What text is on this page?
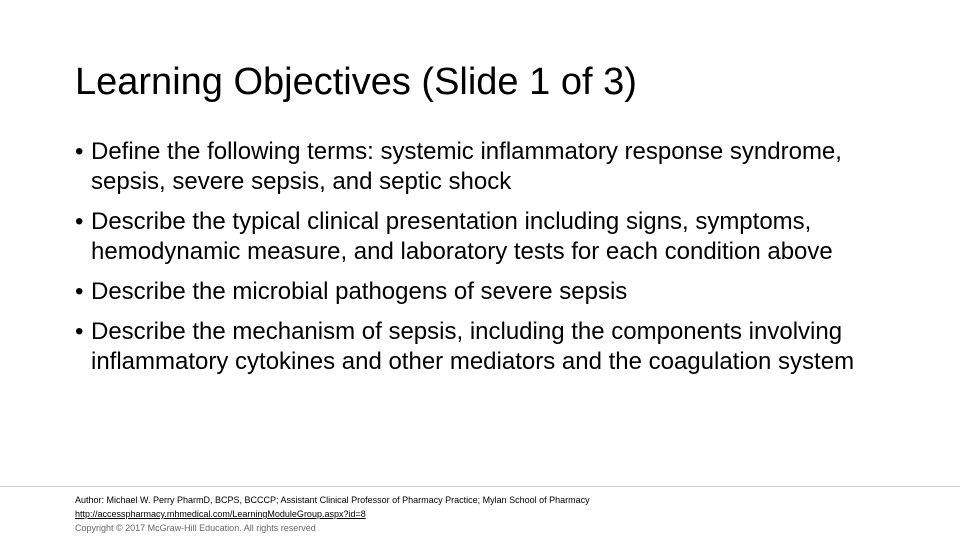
Learning Objectives (Slide 1 of 3)
• Define the following terms: systemic inflammatory response syndrome, sepsis, severe sepsis, and septic shock
• Describe the typical clinical presentation including signs, symptoms, hemodynamic measure, and laboratory tests for each condition above
• Describe the microbial pathogens of severe sepsis
• Describe the mechanism of sepsis, including the components involving inflammatory cytokines and other mediators and the coagulation system
Author: Michael W. Perry PharmD, BCPS, BCCCP; Assistant Clinical Professor of Pharmacy Practice; Mylan School of Pharmacy
http://accesspharmacy.mhmedical.com/LearningModuleGroup.aspx?id=8
Copyright © 2017 McGraw-Hill Education. All rights reserved
